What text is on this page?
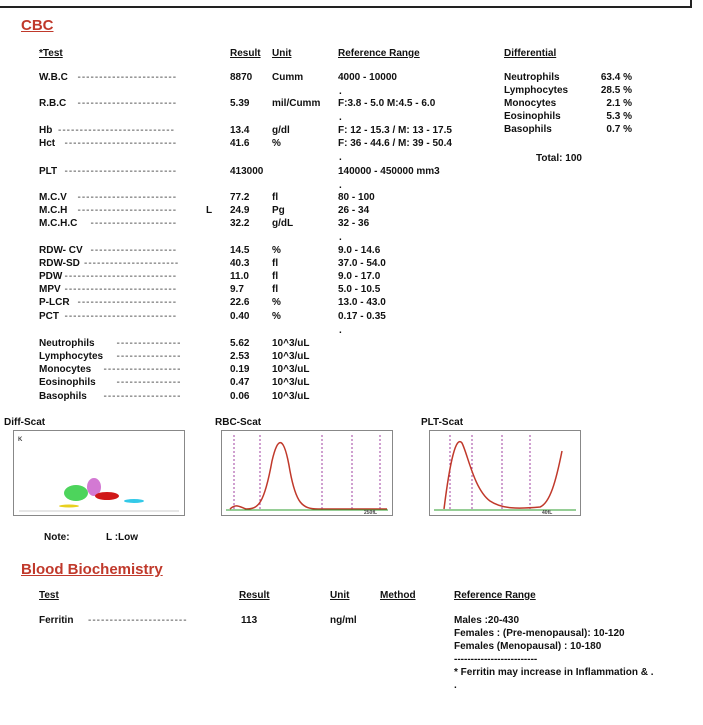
CBC
*Test	Result Unit	Reference Range	Differential
W.B.C -----------------------	8870 Cumm	4000 - 10000
R.B.C -----------------------	5.39 mil/Cumm F:3.8 - 5.0 M:4.5 - 6.0
Hb ---------------------------	13.4 g/dl	F: 12 - 15.3 / M: 13 - 17.5
Hct --------------------------	41.6 %	F: 36 - 44.6 / M: 39 - 50.4
PLT --------------------------	413000	140000 - 450000 mm3
M.C.V -----------------------	77.2 fl	80 - 100
M.C.H -----------------------	L 24.9 Pg	26 - 34
M.C.H.C --------------------	32.2 g/dL	32 - 36
RDW- CV --------------------	14.5 %	9.0 - 14.6
RDW-SD ----------------------	40.3 fl	37.0 - 54.0
PDW --------------------------	11.0 fl	9.0 - 17.0
MPV --------------------------	9.7	fl	5.0 - 10.5
P-LCR -----------------------	22.6 %	13.0 - 43.0
PCT --------------------------	0.40 %	0.17 - 0.35
Neutrophils ---------------	5.62 10^3/uL
Lymphocytes ---------------	2.53 10^3/uL
Monocytes ------------------	0.19 10^3/uL
Eosinophils ---------------	0.47 10^3/uL
Basophils ------------------	0.06 10^3/uL
.
.
.
.
.
.
Neutrophils	63.4 %
Lymphocytes	28.5 %
Monocytes	2.1 %
Eosinophils	5.3 %
Basophils	0.7 %
Total: 100
Diff-Scat
K
RBC-Scat
250fL
PLT-Scat
40fL
Note:	L :Low
Blood Biochemistry
Test	Result	Unit	Method	Reference Range
Ferritin -----------------------	113	ng/ml	Males :20-430
Females : (Pre-menopausal): 10-120
Females (Menopausal) : 10-180
-------------------------
* Ferritin may increase in Inflammation & .
.
